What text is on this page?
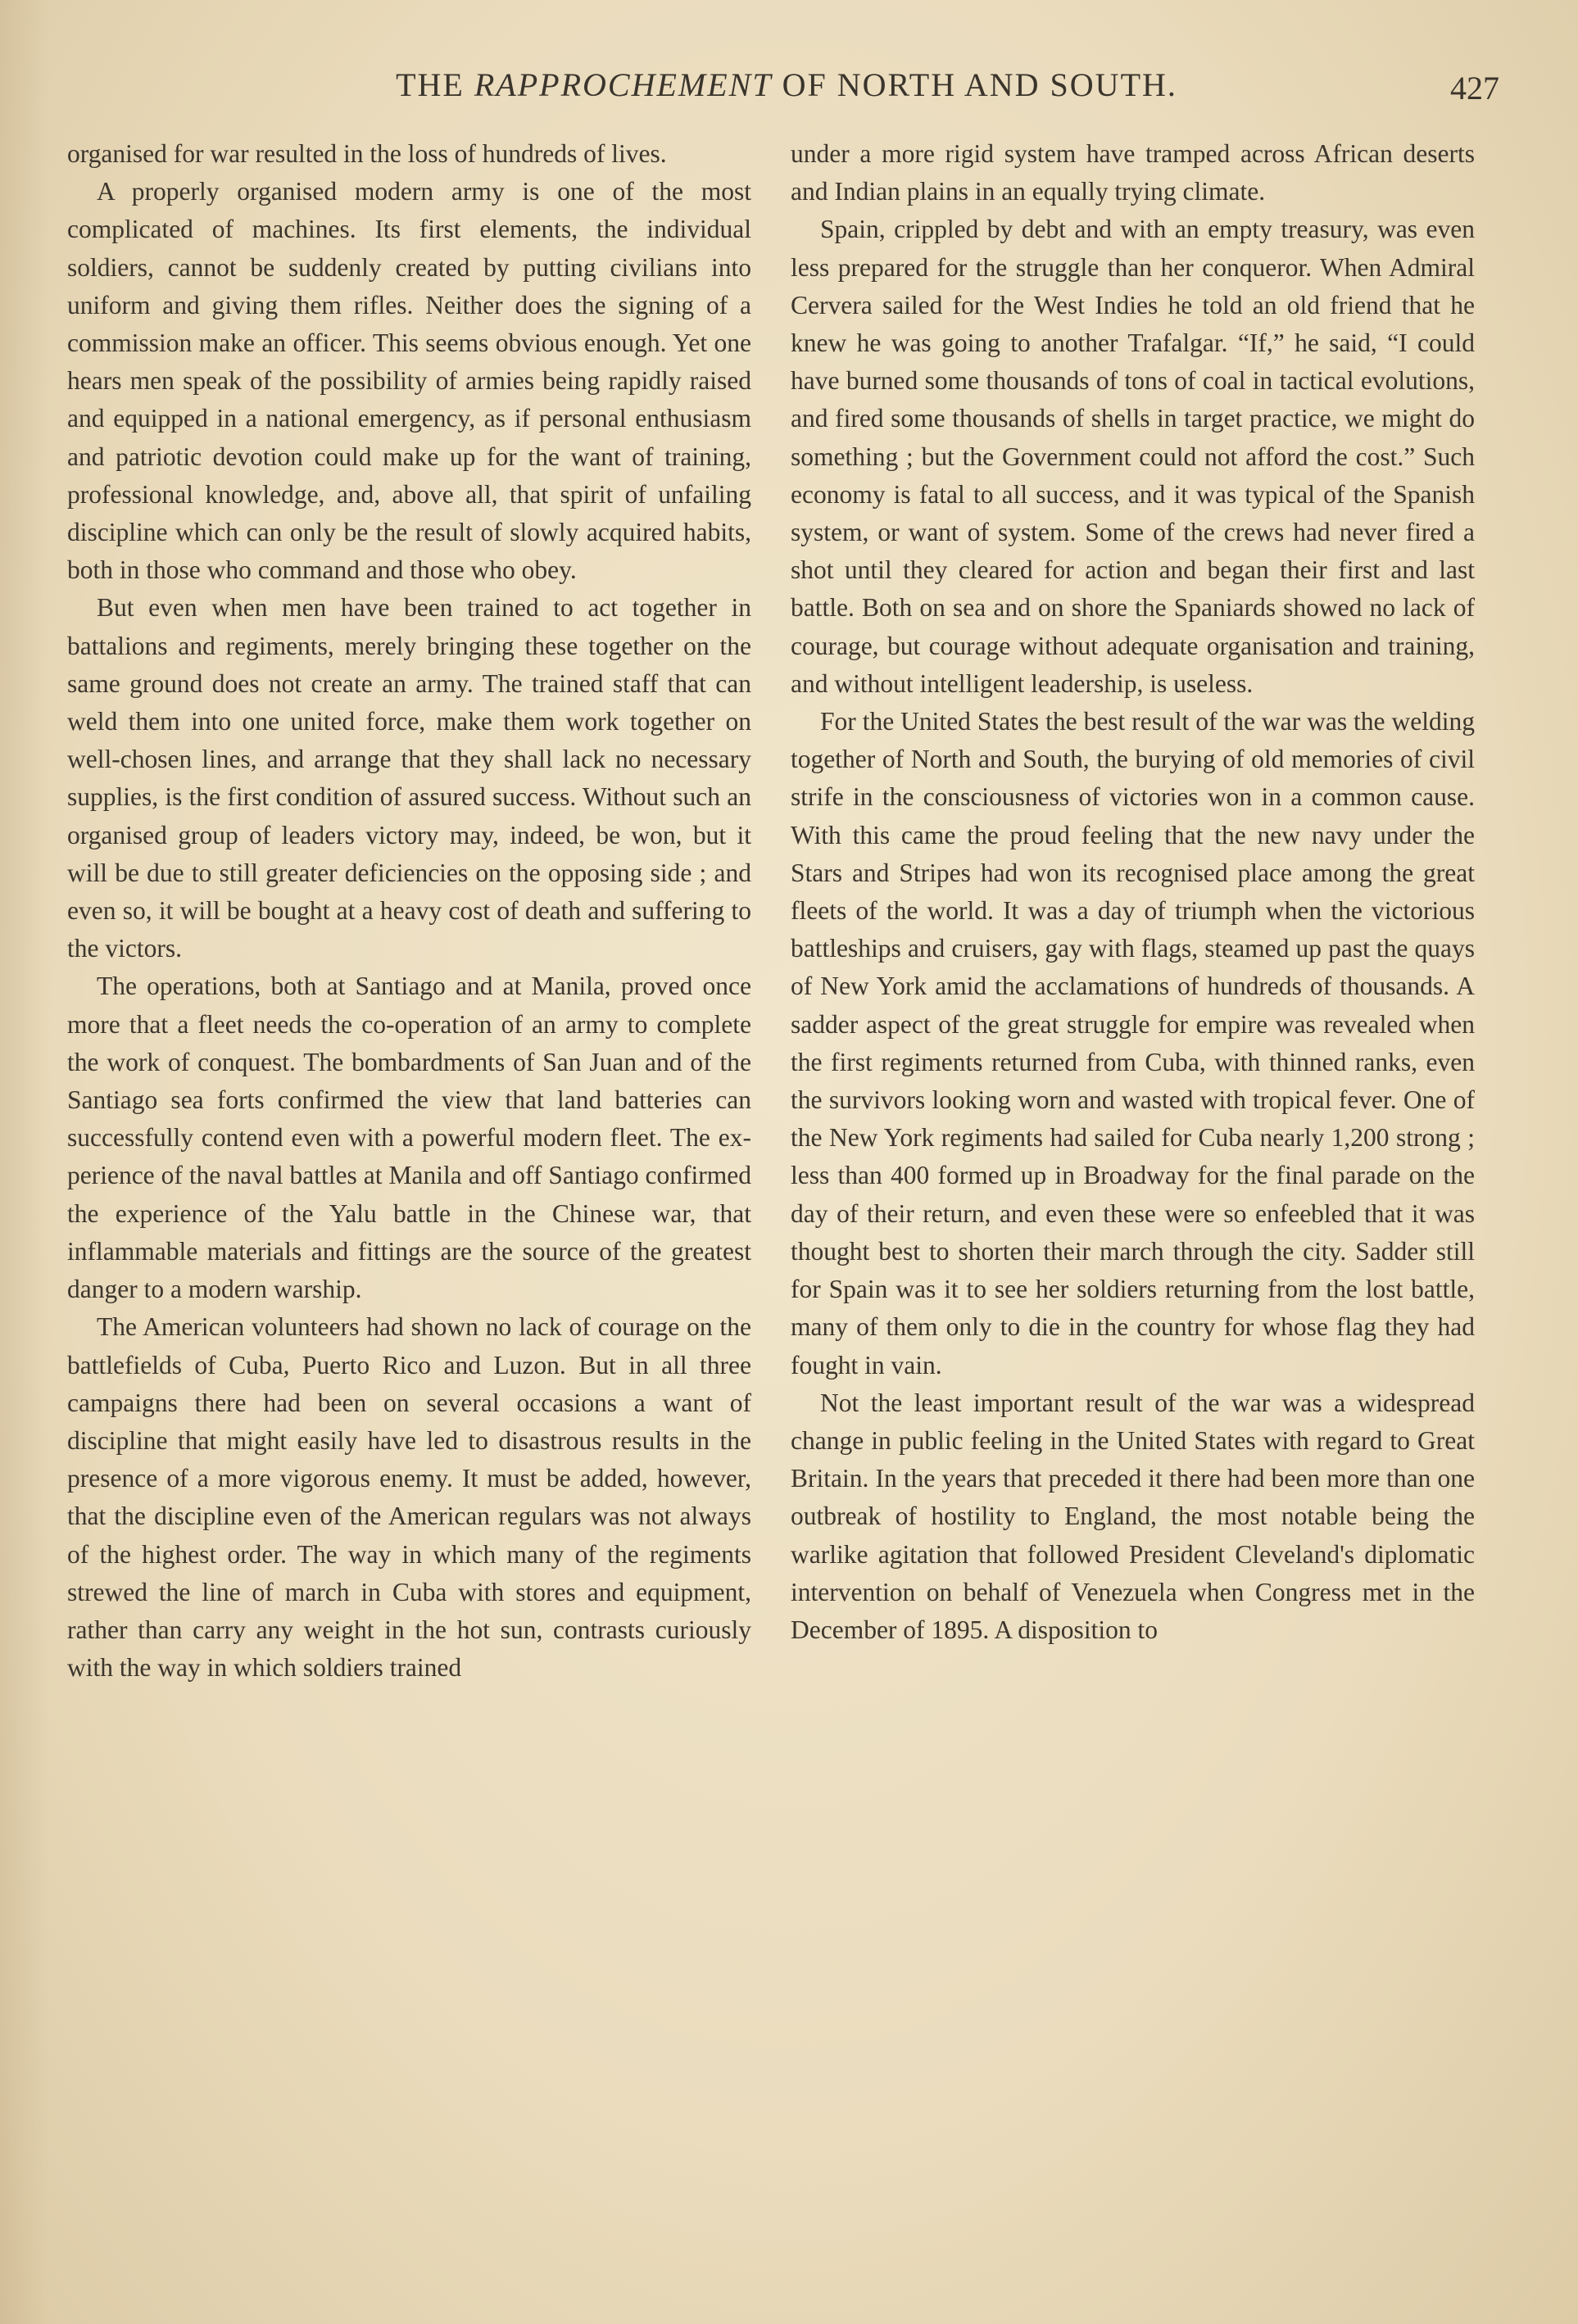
THE RAPPROCHEMENT OF NORTH AND SOUTH.	427

organised for war resulted in the loss of hundreds of lives.

A properly organised modern army is one of the most complicated of machines. Its first elements, the individual soldiers, cannot be suddenly created by putting civilians into uniform and giving them rifles. Neither does the signing of a commission make an officer. This seems obvious enough. Yet one hears men speak of the possibility of armies being rapidly raised and equipped in a national emergency, as if personal enthusiasm and patriotic devotion could make up for the want of training, professional knowledge, and, above all, that spirit of unfailing discipline which can only be the result of slowly acquired habits, both in those who command and those who obey.

But even when men have been trained to act together in battalions and regiments, merely bringing these together on the same ground does not create an army. The trained staff that can weld them into one united force, make them work together on well-chosen lines, and arrange that they shall lack no necessary supplies, is the first condition of assured success. Without such an organised group of leaders victory may, indeed, be won, but it will be due to still greater deficiencies on the opposing side ; and even so, it will be bought at a heavy cost of death and suffering to the victors.

The operations, both at Santiago and at Manila, proved once more that a fleet needs the co-operation of an army to complete the work of conquest. The bombardments of San Juan and of the Santiago sea forts confirmed the view that land batteries can successfully contend even with a powerful modern fleet. The experience of the naval battles at Manila and off Santiago confirmed the experience of the Yalu battle in the Chinese war, that inflammable materials and fittings are the source of the greatest danger to a modern warship.

The American volunteers had shown no lack of courage on the battlefields of Cuba, Puerto Rico and Luzon. But in all three campaigns there had been on several occasions a want of discipline that might easily have led to disastrous results in the presence of a more vigorous enemy. It must be added, however, that the discipline even of the American regulars was not always of the highest order. The way in which many of the regiments strewed the line of march in Cuba with stores and equipment, rather than carry any weight in the hot sun, contrasts curiously with the way in which soldiers trained

under a more rigid system have tramped across African deserts and Indian plains in an equally trying climate.

Spain, crippled by debt and with an empty treasury, was even less prepared for the struggle than her conqueror. When Admiral Cervera sailed for the West Indies he told an old friend that he knew he was going to another Trafalgar. “If,” he said, “I could have burned some thousands of tons of coal in tactical evolutions, and fired some thousands of shells in target practice, we might do something ; but the Government could not afford the cost.” Such economy is fatal to all success, and it was typical of the Spanish system, or want of system. Some of the crews had never fired a shot until they cleared for action and began their first and last battle. Both on sea and on shore the Spaniards showed no lack of courage, but courage without adequate organisation and training, and without intelligent leadership, is useless.

For the United States the best result of the war was the welding together of North and South, the burying of old memories of civil strife in the consciousness of victories won in a common cause. With this came the proud feeling that the new navy under the Stars and Stripes had won its recognised place among the great fleets of the world. It was a day of triumph when the victorious battleships and cruisers, gay with flags, steamed up past the quays of New York amid the acclamations of hundreds of thousands. A sadder aspect of the great struggle for empire was revealed when the first regiments returned from Cuba, with thinned ranks, even the survivors looking worn and wasted with tropical fever. One of the New York regiments had sailed for Cuba nearly 1,200 strong ; less than 400 formed up in Broadway for the final parade on the day of their return, and even these were so enfeebled that it was thought best to shorten their march through the city. Sadder still for Spain was it to see her soldiers returning from the lost battle, many of them only to die in the country for whose flag they had fought in vain.

Not the least important result of the war was a widespread change in public feeling in the United States with regard to Great Britain. In the years that preceded it there had been more than one outbreak of hostility to England, the most notable being the warlike agitation that followed President Cleveland's diplomatic intervention on behalf of Venezuela when Congress met in the December of 1895. A disposition to
